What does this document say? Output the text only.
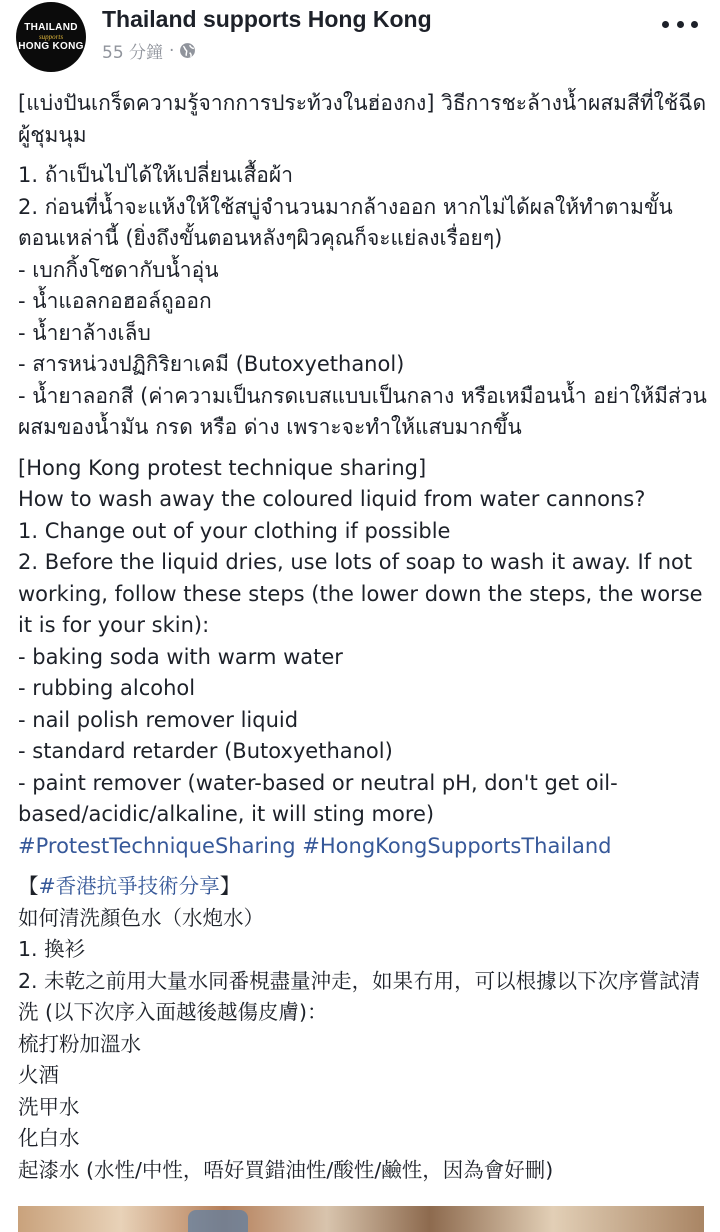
THAILAND
supports
HONG KONG
Thailand supports Hong Kong
55 分鐘 ·
[แบ่งปันเกร็ดความรู้จากการประท้วงในฮ่องกง] วิธีการชะล้างน้ำผสมสีที่ใช้ฉีดผู้ชุมนุม
1. ถ้าเป็นไปได้ให้เปลี่ยนเสื้อผ้า
2. ก่อนที่น้ำจะแห้งให้ใช้สบู่จำนวนมากล้างออก หากไม่ได้ผลให้ทำตามขั้นตอนเหล่านี้ (ยิ่งถึงขั้นตอนหลังๆผิวคุณก็จะแย่ลงเรื่อยๆ)
- เบกกิ้งโซดากับน้ำอุ่น
- น้ำแอลกอฮอล์ถูออก
- น้ำยาล้างเล็บ
- สารหน่วงปฏิกิริยาเคมี (Butoxyethanol)
- น้ำยาลอกสี (ค่าความเป็นกรดเบสแบบเป็นกลาง หรือเหมือนน้ำ อย่าให้มีส่วนผสมของน้ำมัน กรด หรือ ด่าง เพราะจะทำให้แสบมากขึ้น
[Hong Kong protest technique sharing]
How to wash away the coloured liquid from water cannons?
1. Change out of your clothing if possible
2. Before the liquid dries, use lots of soap to wash it away. If not working, follow these steps (the lower down the steps, the worse it is for your skin):
- baking soda with warm water
- rubbing alcohol
- nail polish remover liquid
- standard retarder (Butoxyethanol)
- paint remover (water-based or neutral pH, don't get oil-based/acidic/alkaline, it will sting more)
#ProtestTechniqueSharing #HongKongSupportsThailand
【#香港抗爭技術分享】
如何清洗顏色水（水炮水）
1. 換衫
2. 未乾之前用大量水同番梘盡量沖走，如果冇用，可以根據以下次序嘗試清洗 (以下次序入面越後越傷皮膚)：
梳打粉加溫水
火酒
洗甲水
化白水
起漆水 (水性/中性，唔好買錯油性/酸性/鹼性，因為會好刪)
